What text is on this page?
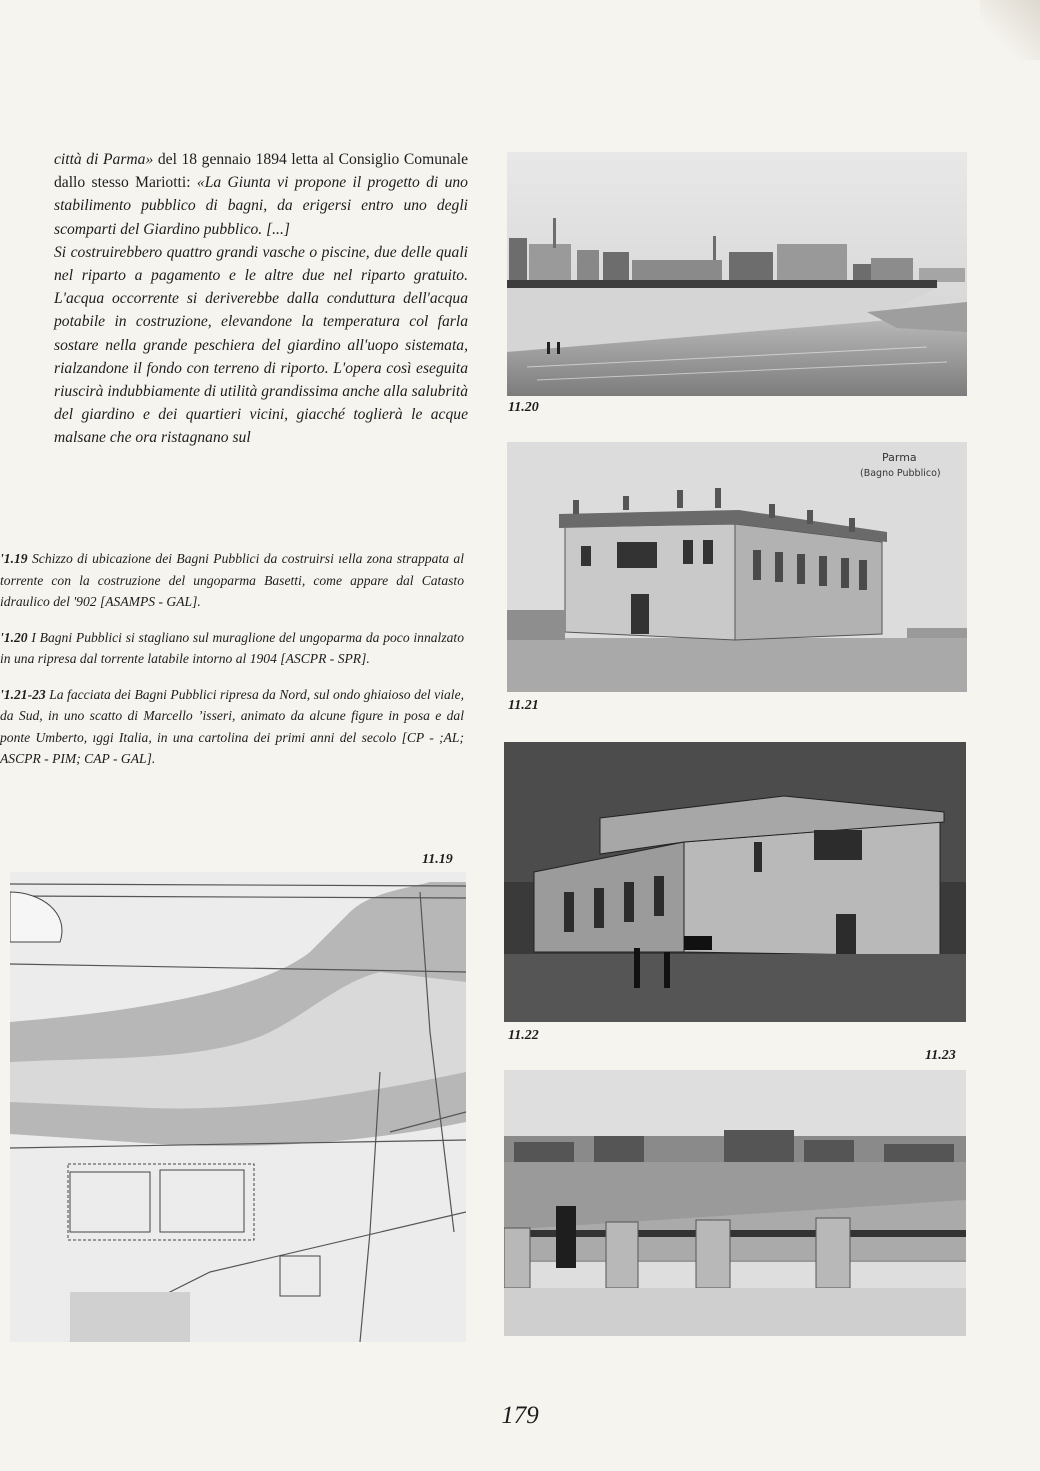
città di Parma» del 18 gennaio 1894 letta al Consiglio Comunale dallo stesso Mariotti: «La Giunta vi propone il progetto di uno stabilimento pubblico di bagni, da erigersi entro uno degli scomparti del Giardino pubblico. [...]

Si costruirebbero quattro grandi vasche o piscine, due delle quali nel riparto a pagamento e le altre due nel riparto gratuito. L'acqua occorrente si deriverebbe dalla conduttura dell'acqua potabile in costruzione, elevandone la temperatura col farla sostare nella grande peschiera del giardino all'uopo sistemata, rialzandone il fondo con terreno di riporto. L'opera così eseguita riuscirà indubbiamente di utilità grandissima anche alla salubrità del giardino e dei quartieri vicini, giacché toglierà le acque malsane che ora ristagnano sul

'1.19 Schizzo di ubicazione dei Bagni Pubblici da costruirsi ıella zona strappata al torrente con la costruzione del ungoparma Basetti, come appare dal Catasto idraulico del '902 [ASAMPS - GAL].

'1.20 I Bagni Pubblici si stagliano sul muraglione del ungoparma da poco innalzato in una ripresa dal torrente latabile intorno al 1904 [ASCPR - SPR].

'1.21-23 La facciata dei Bagni Pubblici ripresa da Nord, sul ondo ghiaioso del viale, da Sud, in uno scatto di Marcello ʼisseri, animato da alcune figure in posa e dal ponte Umberto, ıggi Italia, in una cartolina dei primi anni del secolo [CP - ;AL; ASCPR - PIM; CAP - GAL].

11.20
Parma
(Bagno Pubblico)
11.21
11.22
11.23
11.19
179
